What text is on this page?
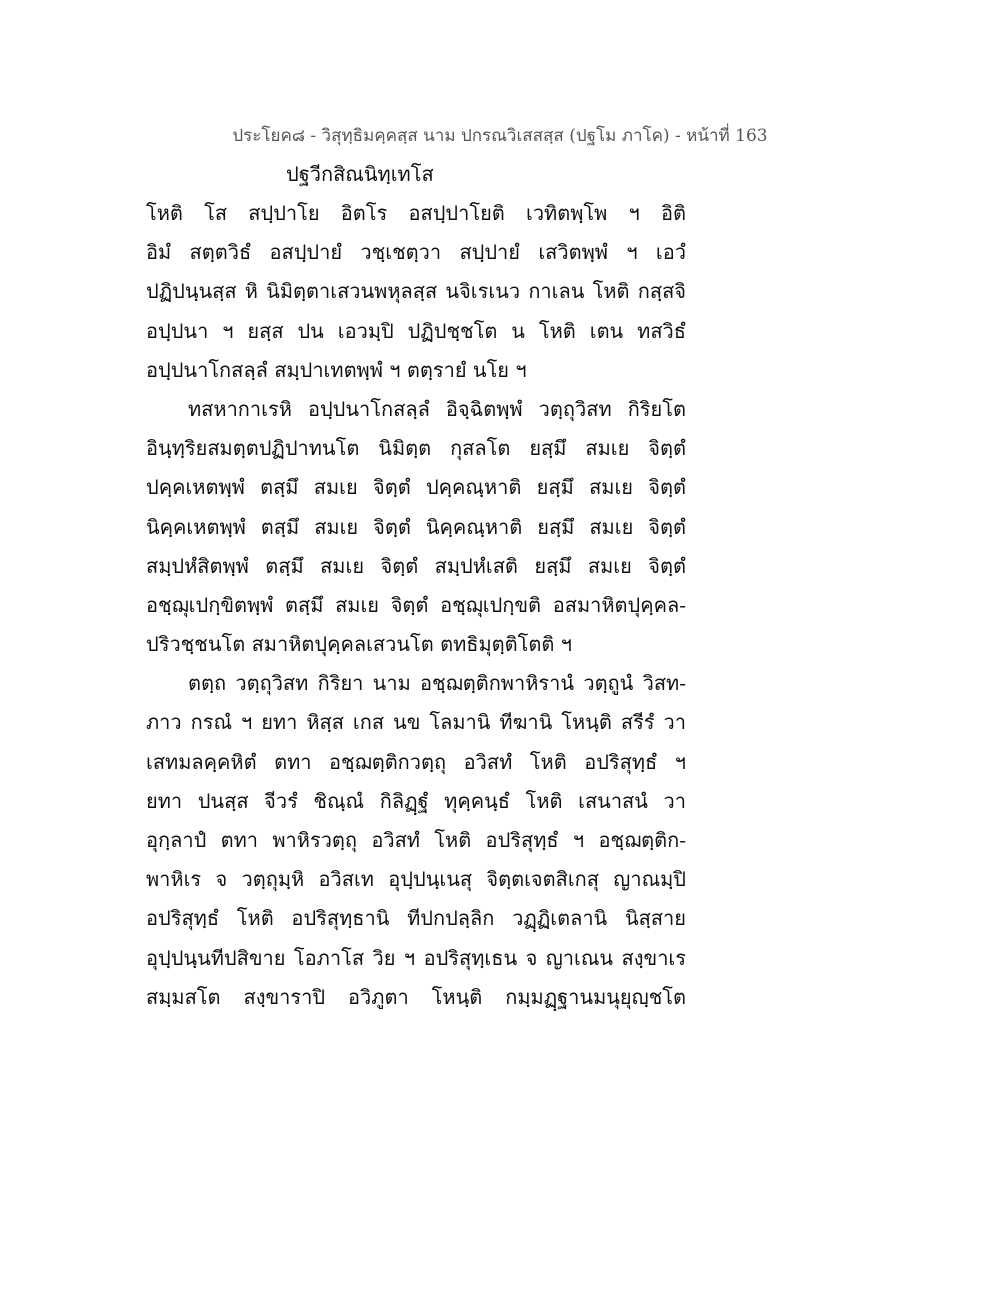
ประโยค๘ - วิสุทฺธิมคฺคสฺส นาม ปกรณวิเสสสฺส (ปฐโม ภาโค) - หน้าที่ 163
ปฐวีกสิณนิทฺเทโส
โหติ โส สปฺปาโย อิตโร อสปฺปาโยติ เวทิตพฺโพ ฯ อิติ
อิมํ สตฺตวิธํ อสปฺปายํ วชฺเชตฺวา สปฺปายํ เสวิตพฺพํ ฯ เอวํ
ปฏิปนฺนสฺส หิ นิมิตฺตาเสวนพหุลสฺส นจิเรเนว กาเลน โหติ กสฺสจิ
อปฺปนา ฯ ยสฺส ปน เอวมฺปิ ปฏิปชฺชโต น โหติ เตน ทสวิธํ
อปฺปนาโกสลฺลํ สมฺปาเทตพฺพํ ฯ ตตฺรายํ นโย ฯ
ทสหากาเรหิ อปฺปนาโกสลฺลํ อิจฺฉิตพฺพํ วตฺถุวิสท กิริยโต
อินฺทฺริยสมตฺตปฏิปาทนโต นิมิตฺต กุสลโต ยสฺมึ สมเย จิตฺตํ
ปคฺคเหตพฺพํ ตสฺมึ สมเย จิตฺตํ ปคฺคณฺหาติ ยสฺมึ สมเย จิตฺตํ
นิคฺคเหตพฺพํ ตสฺมึ สมเย จิตฺตํ นิคฺคณฺหาติ ยสฺมึ สมเย จิตฺตํ
สมฺปหํสิตพฺพํ ตสฺมึ สมเย จิตฺตํ สมฺปหํเสติ ยสฺมึ สมเย จิตฺตํ
อชฺฌุเปกฺขิตพฺพํ ตสฺมึ สมเย จิตฺตํ อชฺฌุเปกฺขติ อสมาหิตปุคฺคล-
ปริวชฺชนโต สมาหิตปุคฺคลเสวนโต ตทธิมุตฺติโตติ ฯ
ตตฺถ วตฺถุวิสท กิริยา นาม อชฺฌตฺติกพาหิรานํ วตฺถูนํ วิสท-
ภาว กรณํ ฯ ยทา หิสฺส เกส นข โลมานิ ทีฆานิ โหนฺติ สรีรํ วา
เสทมลคฺคหิตํ ตทา อชฺฌตฺติกวตฺถุ อวิสทํ โหติ อปริสุทฺธํ ฯ
ยทา ปนสฺส จีวรํ ชิณฺณํ กิลิฏฺฐํ ทุคฺคนฺธํ โหติ เสนาสนํ วา
อุกฺลาปํ ตทา พาหิรวตฺถุ อวิสทํ โหติ อปริสุทฺธํ ฯ อชฺฌตฺติก-
พาหิเร จ วตฺถุมฺหิ อวิสเท อุปฺปนฺเนสุ จิตฺตเจตสิเกสุ ญาณมฺปิ
อปริสุทฺธํ โหติ อปริสุทฺธานิ ทีปกปลฺลิก วฏฺฏิเตลานิ นิสฺสาย
อุปฺปนฺนทีปสิขาย โอภาโส วิย ฯ อปริสุทฺเธน จ ญาเณน สงฺขาเร
สมฺมสโต สงฺขาราปิ อวิภูตา โหนฺติ กมฺมฏฺฐานมนุยุญฺชโต
